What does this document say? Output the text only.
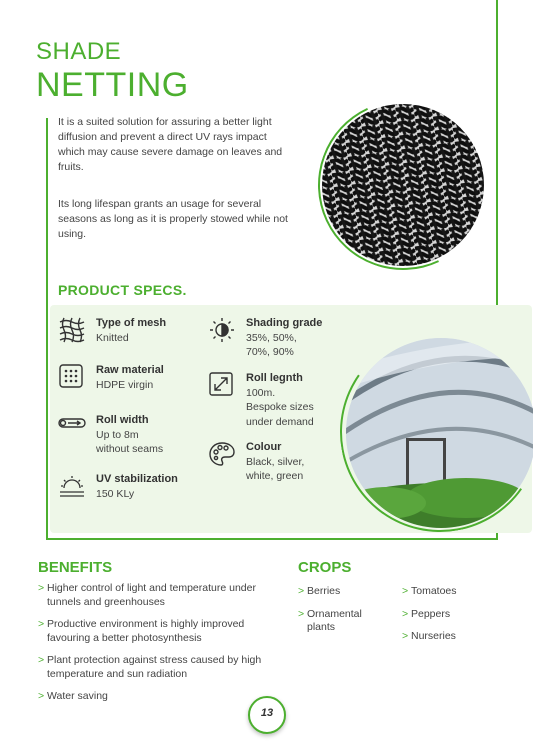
SHADE
NETTING

It is a suited solution for assuring a better light diffusion and prevent a direct UV rays impact which may cause severe damage on leaves and fruits.

Its long lifespan grants an usage for several seasons as long as it is properly stowed while not using.

PRODUCT SPECS.
Type of mesh
Knitted
Raw material
HDPE virgin
Roll width
Up to 8m
without seams
UV stabilization
150 KLy
Shading grade
35%, 50%,
70%, 90%
Roll legnth
100m.
Bespoke sizes
under demand
Colour
Black, silver,
white, green
BENEFITS
> Higher control of light and temperature under tunnels and greenhouses
> Productive environment is highly improved favouring a better photosynthesis
> Plant protection against stress caused by high temperature and sun radiation
> Water saving
CROPS
> Berries
> Ornamental plants
> Tomatoes
> Peppers
> Nurseries
13
